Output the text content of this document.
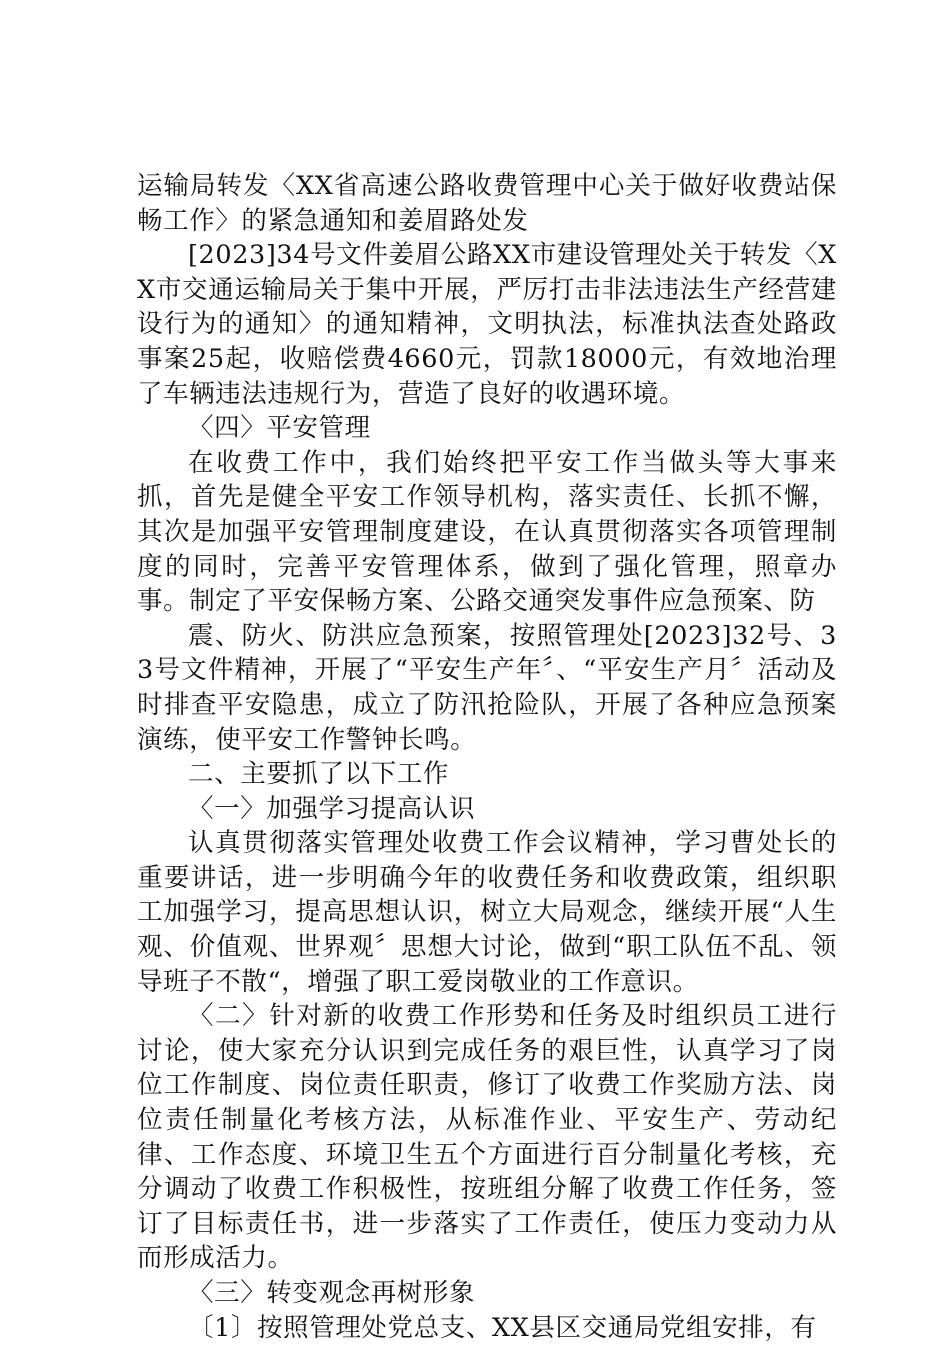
运输局转发〈XX省高速公路收费管理中心关于做好收费站保畅工作〉的紧急通知和姜眉路处发

[2023]34号文件姜眉公路XX市建设管理处关于转发〈XX市交通运输局关于集中开展，严厉打击非法违法生产经营建设行为的通知〉的通知精神，文明执法，标准执法查处路政事案25起，收赔偿费4660元，罚款18000元，有效地治理了车辆违法违规行为，营造了良好的收遇环境。

〈四〉平安管理

在收费工作中，我们始终把平安工作当做头等大事来抓，首先是健全平安工作领导机构，落实责任、长抓不懈，其次是加强平安管理制度建设，在认真贯彻落实各项管理制度的同时，完善平安管理体系，做到了强化管理，照章办事。制定了平安保畅方案、公路交通突发事件应急预案、防

震、防火、防洪应急预案，按照管理处[2023]32号、33号文件精神，开展了“平安生产年〞、“平安生产月〞活动及时排查平安隐患，成立了防汛抢险队，开展了各种应急预案演练，使平安工作警钟长鸣。

二、主要抓了以下工作

〈一〉加强学习提高认识

认真贯彻落实管理处收费工作会议精神，学习曹处长的重要讲话，进一步明确今年的收费任务和收费政策，组织职工加强学习，提高思想认识，树立大局观念，继续开展“人生观、价值观、世界观〞思想大讨论，做到“职工队伍不乱、领导班子不散“，增强了职工爱岗敬业的工作意识。

〈二〉针对新的收费工作形势和任务及时组织员工进行讨论，使大家充分认识到完成任务的艰巨性，认真学习了岗位工作制度、岗位责任职责，修订了收费工作奖励方法、岗位责任制量化考核方法，从标准作业、平安生产、劳动纪律、工作态度、环境卫生五个方面进行百分制量化考核，充分调动了收费工作积极性，按班组分解了收费工作任务，签订了目标责任书，进一步落实了工作责任，使压力变动力从而形成活力。

〈三〉转变观念再树形象

〔1〕按照管理处党总支、XX县区交通局党组安排，有
